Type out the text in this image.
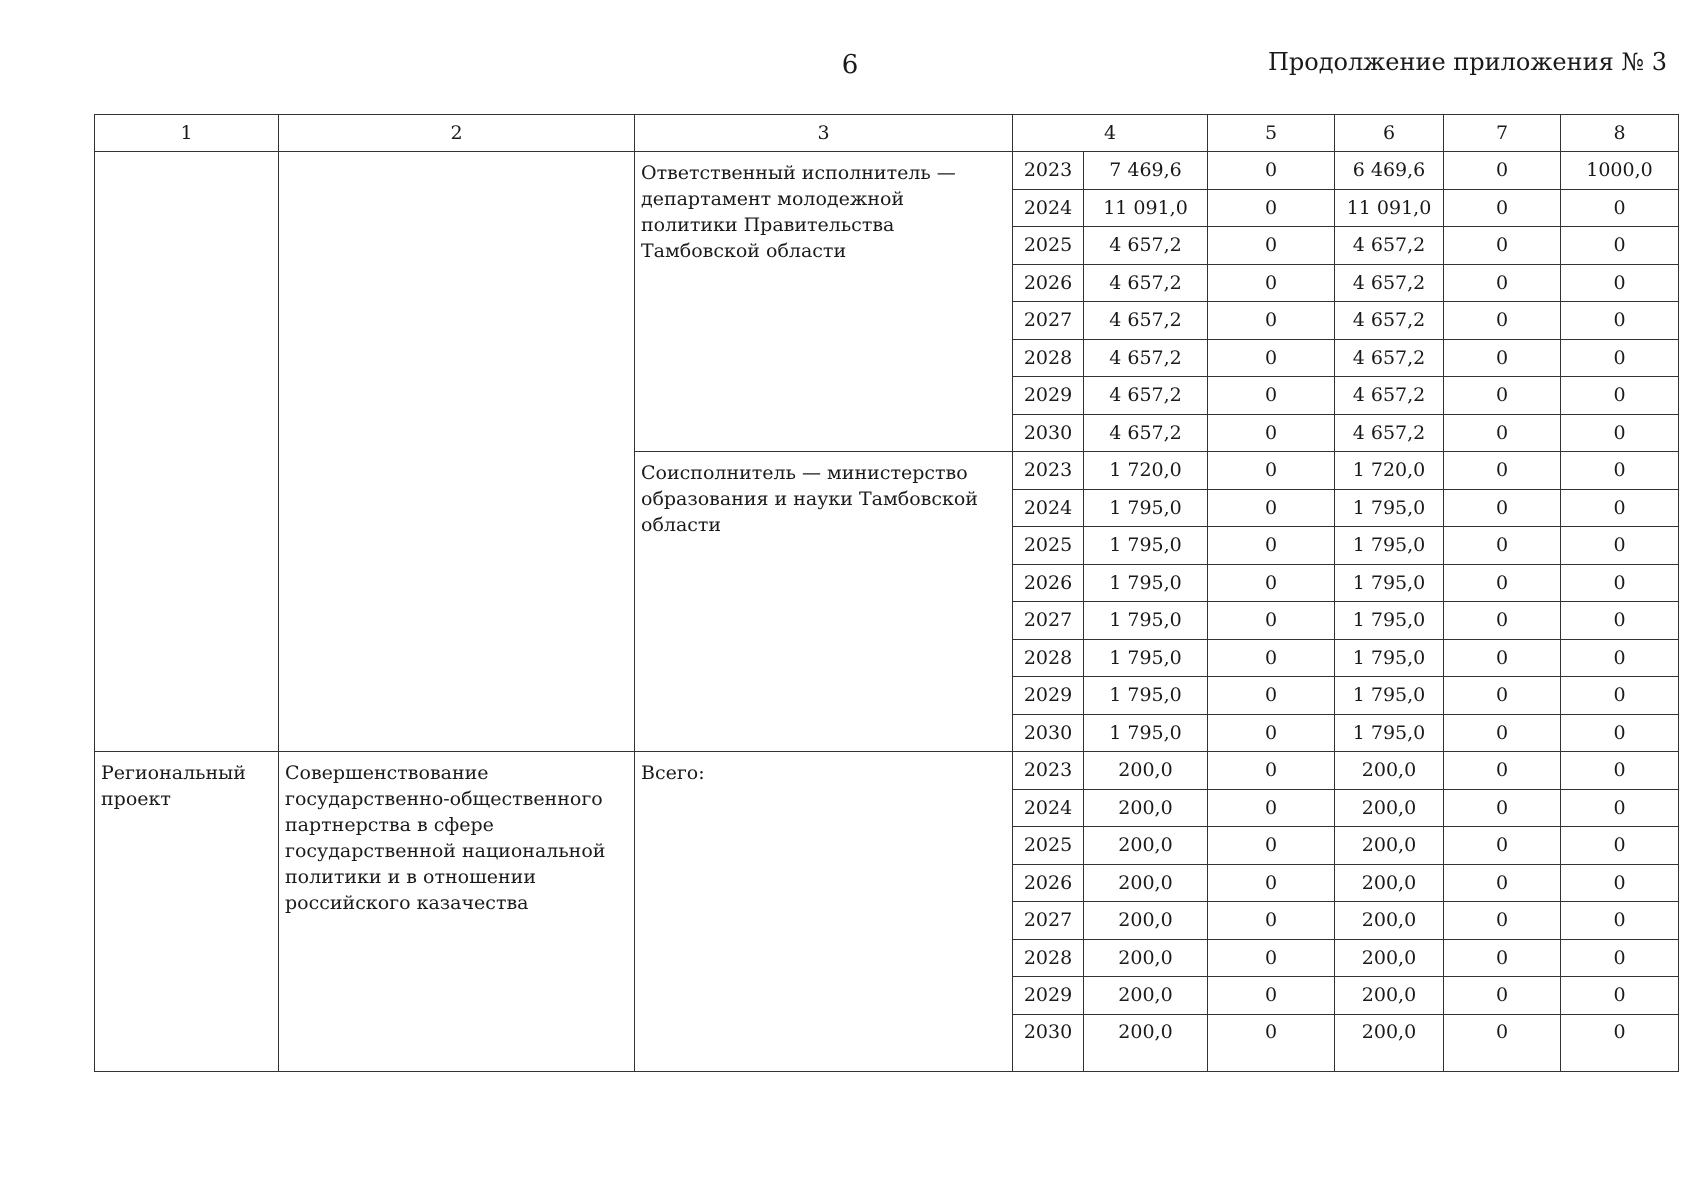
6	Продолжение приложения № 3
1	2	3	4		5	6	7	8
		Ответственный исполнитель — департамент молодежной политики Правительства Тамбовской области	2023	7 469,6	0	6 469,6	0	1000,0
			2024	11 091,0	0	11 091,0	0	0
			2025	4 657,2	0	4 657,2	0	0
			2026	4 657,2	0	4 657,2	0	0
			2027	4 657,2	0	4 657,2	0	0
			2028	4 657,2	0	4 657,2	0	0
			2029	4 657,2	0	4 657,2	0	0
			2030	4 657,2	0	4 657,2	0	0
		Соисполнитель — министерство образования и науки Тамбовской области	2023	1 720,0	0	1 720,0	0	0
			2024	1 795,0	0	1 795,0	0	0
			2025	1 795,0	0	1 795,0	0	0
			2026	1 795,0	0	1 795,0	0	0
			2027	1 795,0	0	1 795,0	0	0
			2028	1 795,0	0	1 795,0	0	0
			2029	1 795,0	0	1 795,0	0	0
			2030	1 795,0	0	1 795,0	0	0
Региональный проект	Совершенствование государственно-общественного партнерства в сфере государственной национальной политики и в отношении российского казачества	Всего:	2023	200,0	0	200,0	0	0
			2024	200,0	0	200,0	0	0
			2025	200,0	0	200,0	0	0
			2026	200,0	0	200,0	0	0
			2027	200,0	0	200,0	0	0
			2028	200,0	0	200,0	0	0
			2029	200,0	0	200,0	0	0
			2030	200,0	0	200,0	0	0
